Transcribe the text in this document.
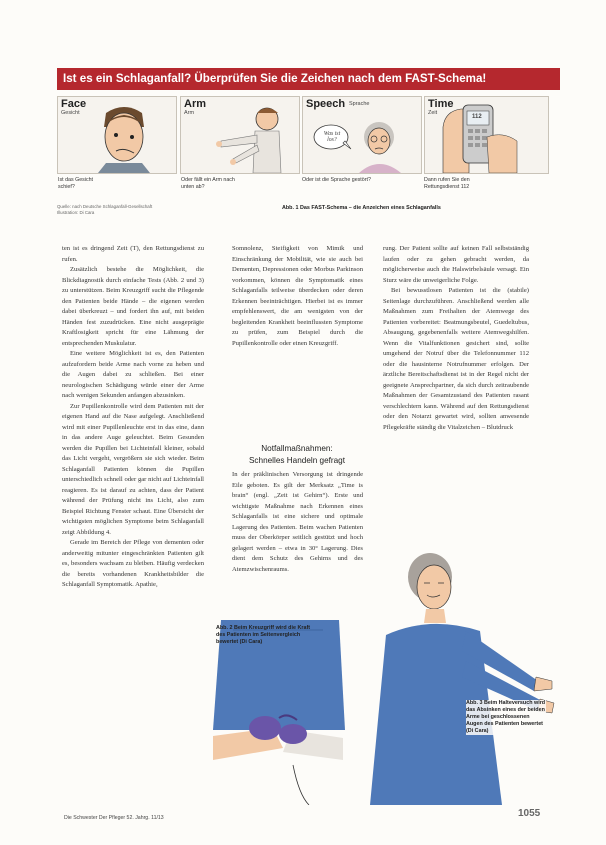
Ist es ein Schlaganfall? Überprüfen Sie die Zeichen nach dem FAST-Schema!
Face
Gesicht
Arm
Arm
Speech Sprache
Was ist los?
Time
Zeit
112
Ist das Gesicht
schief?
Oder fällt ein Arm nach
unten ab?
Oder ist die Sprache gestört?	Dann rufen Sie den
Rettungsdienst 112
Quelle: nach Deutsche Schlaganfall-Gesellschaft
Illustration: Di Cara
Abb. 1 Das FAST-Schema – die Anzeichen eines Schlaganfalls

ten ist es dringend Zeit (T), den Rettungsdienst zu rufen.

Zusätzlich bestehe die Möglichkeit, die Blickdiagnostik durch einfache Tests (Abb. 2 und 3) zu unterstützen. Beim Kreuzgriff sucht die Pflegende den Patienten beide Hände – die eigenen werden dabei überkreuzt – und fordert ihn auf, mit beiden Händen fest zuzudrücken. Eine nicht ausgeprägte Kraftlosigkeit spricht für eine Lähmung der entsprechenden Muskulatur.

Eine weitere Möglichkeit ist es, den Patienten aufzufordern beide Arme nach vorne zu heben und die Augen dabei zu schließen. Bei einer neurologischen Schädigung würde einer der Arme nach wenigen Sekunden anfangen abzusinken.

Zur Pupillenkontrolle wird dem Patienten mit der eigenen Hand auf die Nase aufgelegt. Anschließend wird mit einer Pupillenleuchte erst in das eine, dann in das andere Auge geleuchtet. Beim Gesunden werden die Pupillen bei Lichteinfall kleiner, sobald das Licht vergeht, vergrößern sie sich wieder. Beim Schlaganfall Patienten können die Pupillen unterschiedlich schnell oder gar nicht auf Lichteinfall reagieren. Es ist darauf zu achten, dass der Patient während der Prüfung nicht ins Licht, also zum Beispiel Richtung Fenster schaut. Eine Übersicht der wichtigsten möglichen Symptome beim Schlaganfall zeigt Abbildung 4.

Gerade im Bereich der Pflege von dementen oder anderweitig mitunter eingeschränkten Patienten gilt es, besonders wachsam zu bleiben. Häufig verdecken die bereits vorhandenen Krankheitsbilder die Schlaganfall Symptomatik. Apathie,

Somnolenz, Steifigkeit von Mimik und Einschränkung der Mobilität, wie sie auch bei Dementen, Depressionen oder Morbus Parkinson vorkommen, können die Symptomatik eines Schlaganfalls teilweise überdecken oder deren Erkennen beeinträchtigen. Hierbei ist es immer empfehlenswert, die am wenigsten von der begleitenden Krankheit beeinflussten Symptome zu prüfen, zum Beispiel durch die Pupillenkontrolle oder einen Kreuzgriff.

Notfallmaßnahmen:
Schnelles Handeln gefragt

In der präklinischen Versorgung ist dringende Eile geboten. Es gilt der Merksatz „Time is brain“ (engl. „Zeit ist Gehirn“). Erste und wichtigste Maßnahme nach Erkennen eines Schlaganfalls ist eine sichere und optimale Lagerung des Patienten. Beim wachen Patienten muss der Oberkörper seitlich gestützt und hoch gelagert werden – etwa in 30° Lagerung. Dies dient dem Schutz des Gehirns und des Atemzwischenraums.

rung. Der Patient sollte auf keinen Fall selbstständig laufen oder zu gehen gebracht werden, da möglicherweise auch die Halswirbelsäule versagt. Ein Sturz wäre die unweigerliche Folge.

Bei bewusstlosen Patienten ist die (stabile) Seitenlage durchzuführen. Anschließend werden alle Maßnahmen zum Freihalten der Atemwege des Patienten vorbereitet: Beatmungsbeutel, Guedeltubus, Absaugung, gegebenenfalls weitere Atemwegshilfen. Wenn die Vitalfunktionen gesichert sind, sollte umgehend der Notruf über die Telefonnummer 112 oder die hausinterne Notrufnummer erfolgen. Der ärztliche Bereitschaftsdienst ist in der Regel nicht der geeignete Ansprechpartner, da sich durch zeitraubende Maßnahmen der Gesamtzustand des Patienten rasant verschlechtern kann. Während auf den Rettungsdienst oder den Notarzt gewartet wird, sollten anwesende Pflegekräfte ständig die Vitalzeichen – Blutdruck

Abb. 2 Beim Kreuzgriff wird die Kraft des Patienten im Seitenvergleich bewertet (Di Cara)
Abb. 3 Beim Halteversuch wird das Absinken eines der beiden Arme bei geschlossenen Augen des Patienten bewertet (Di Cara)
Die Schwester Der Pfleger 52. Jahrg. 11/13	1055
